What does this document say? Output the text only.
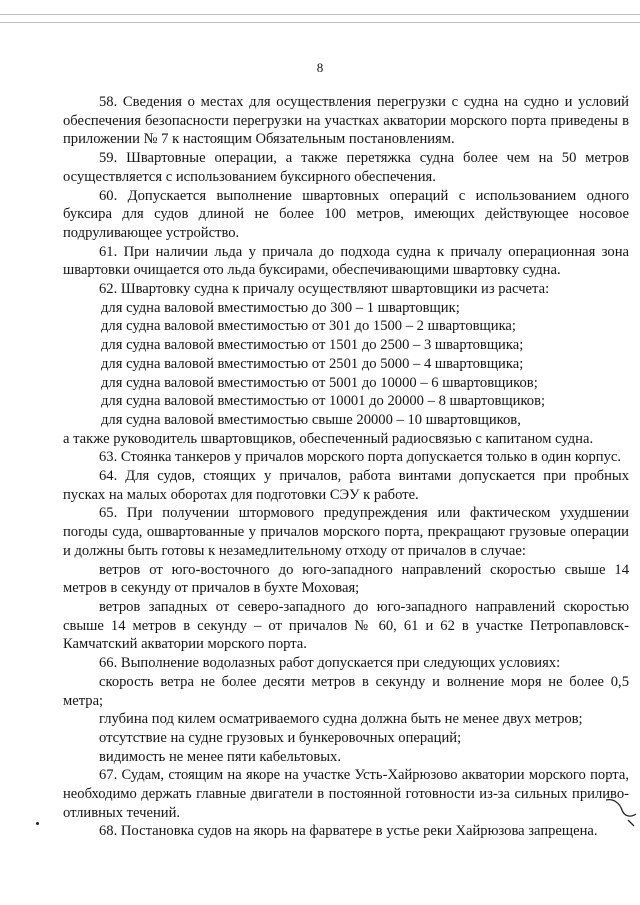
8

58. Сведения о местах для осуществления перегрузки с судна на судно и условий обеспечения безопасности перегрузки на участках акватории морского порта приведены в приложении № 7 к настоящим Обязательным постановлениям.

59. Швартовные операции, а также перетяжка судна более чем на 50 метров осуществляется с использованием буксирного обеспечения.

60. Допускается выполнение швартовных операций с использованием одного буксира для судов длиной не более 100 метров, имеющих действующее носовое подруливающее устройство.

61. При наличии льда у причала до подхода судна к причалу операционная зона швартовки очищается ото льда буксирами, обеспечивающими швартовку судна.

62. Швартовку судна к причалу осуществляют швартовщики из расчета:

для судна валовой вместимостью до 300 – 1 швартовщик;

для судна валовой вместимостью от 301 до 1500 – 2 швартовщика;

для судна валовой вместимостью от 1501 до 2500 – 3 швартовщика;

для судна валовой вместимостью от 2501 до 5000 – 4 швартовщика;

для судна валовой вместимостью от 5001 до 10000 – 6 швартовщиков;

для судна валовой вместимостью от 10001 до 20000 – 8 швартовщиков;

для судна валовой вместимостью свыше 20000 – 10 швартовщиков,

а также руководитель швартовщиков, обеспеченный радиосвязью с капитаном судна.

63. Стоянка танкеров у причалов морского порта допускается только в один корпус.

64. Для судов, стоящих у причалов, работа винтами допускается при пробных пусках на малых оборотах для подготовки СЭУ к работе.

65. При получении штормового предупреждения или фактическом ухудшении погоды суда, ошвартованные у причалов морского порта, прекращают грузовые операции и должны быть готовы к незамедлительному отходу от причалов в случае:

ветров от юго-восточного до юго-западного направлений скоростью свыше 14 метров в секунду от причалов в бухте Моховая;

ветров западных от северо-западного до юго-западного направлений скоростью свыше 14 метров в секунду – от причалов № 60, 61 и 62 в участке Петропавловск-Камчатский акватории морского порта.

66. Выполнение водолазных работ допускается при следующих условиях:

скорость ветра не более десяти метров в секунду и волнение моря не более 0,5 метра;

глубина под килем осматриваемого судна должна быть не менее двух метров;

отсутствие на судне грузовых и бункеровочных операций;

видимость не менее пяти кабельтовых.

67. Судам, стоящим на якоре на участке Усть-Хайрюзово акватории морского порта, необходимо держать главные двигатели в постоянной готовности из-за сильных приливо-отливных течений.

68. Постановка судов на якорь на фарватере в устье реки Хайрюзова запрещена.
